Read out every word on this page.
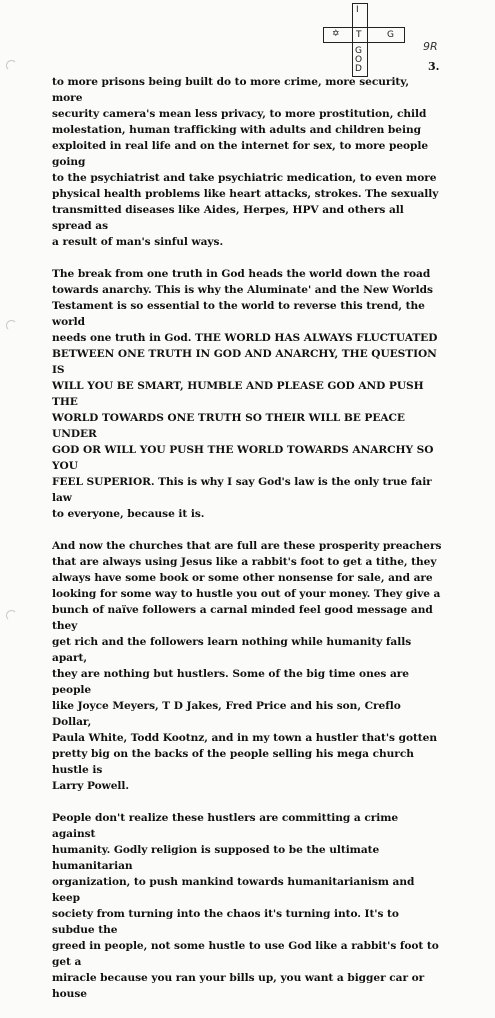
I
✡ T	G
GOD
9R
3.

to more prisons being built do to more crime, more security, more
security camera's mean less privacy, to more prostitution, child
molestation, human trafficking with adults and children being
exploited in real life and on the internet for sex, to more people going
to the psychiatrist and take psychiatric medication, to even more
physical health problems like heart attacks, strokes. The sexually
transmitted diseases like Aides, Herpes, HPV and others all spread as
a result of man's sinful ways.

The break from one truth in God heads the world down the road
towards anarchy. This is why the Aluminate' and the New Worlds
Testament is so essential to the world to reverse this trend, the world
needs one truth in God. THE WORLD HAS ALWAYS FLUCTUATED
BETWEEN ONE TRUTH IN GOD AND ANARCHY, THE QUESTION IS
WILL YOU BE SMART, HUMBLE AND PLEASE GOD AND PUSH THE
WORLD TOWARDS ONE TRUTH SO THEIR WILL BE PEACE UNDER
GOD OR WILL YOU PUSH THE WORLD TOWARDS ANARCHY SO YOU
FEEL SUPERIOR. This is why I say God's law is the only true fair law
to everyone, because it is.

And now the churches that are full are these prosperity preachers
that are always using Jesus like a rabbit's foot to get a tithe, they
always have some book or some other nonsense for sale, and are
looking for some way to hustle you out of your money. They give a
bunch of naïve followers a carnal minded feel good message and they
get rich and the followers learn nothing while humanity falls apart,
they are nothing but hustlers. Some of the big time ones are people
like Joyce Meyers, T D Jakes, Fred Price and his son, Creflo Dollar,
Paula White, Todd Kootnz, and in my town a hustler that's gotten
pretty big on the backs of the people selling his mega church hustle is
Larry Powell.

People don't realize these hustlers are committing a crime against
humanity. Godly religion is supposed to be the ultimate humanitarian
organization, to push mankind towards humanitarianism and keep
society from turning into the chaos it's turning into. It's to subdue the
greed in people, not some hustle to use God like a rabbit's foot to get a
miracle because you ran your bills up, you want a bigger car or house
